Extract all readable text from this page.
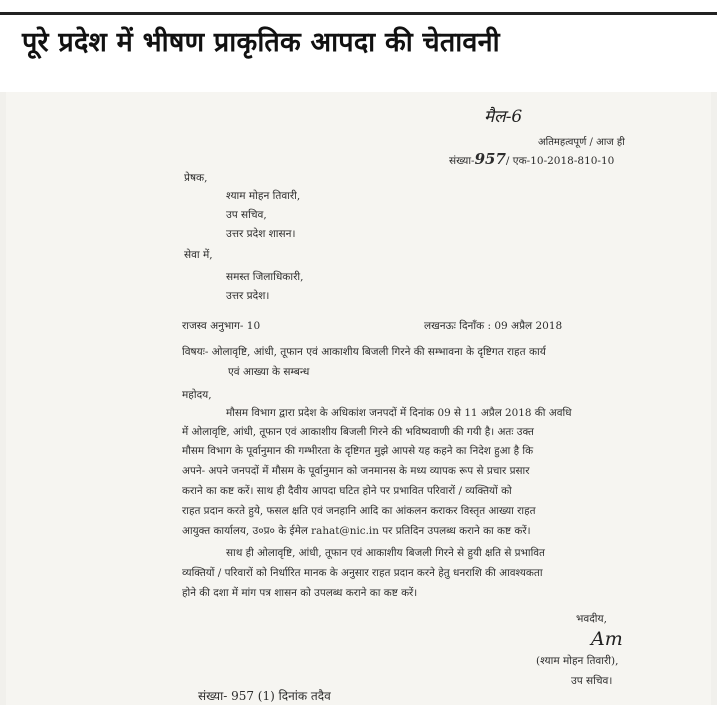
पूरे प्रदेश में भीषण प्राकृतिक आपदा की चेतावनी
मैल-6
अतिमहत्वपूर्ण / आज ही
संख्या-957/ एक-10-2018-810-10
प्रेषक,
श्याम मोहन तिवारी,
उप सचिव,
उत्तर प्रदेश शासन।
सेवा में,
समस्त जिलाधिकारी,
उत्तर प्रदेश।
राजस्व अनुभाग- 10	लखनऊः दिनाँक : 09 अप्रैल 2018
विषयः- ओलावृष्टि, आंधी, तूफान एवं आकाशीय बिजली गिरने की सम्भावना के दृष्टिगत राहत कार्य
एवं आख्या के सम्बन्ध
महोदय,
मौसम विभाग द्वारा प्रदेश के अधिकांश जनपदों में दिनांक 09 से 11 अप्रैल 2018 की अवधि
में ओलावृष्टि, आंधी, तूफान एवं आकाशीय बिजली गिरने की भविष्यवाणी की गयी है। अतः उक्त
मौसम विभाग के पूर्वानुमान की गम्भीरता के दृष्टिगत मुझे आपसे यह कहने का निदेश हुआ है कि
अपने- अपने जनपदों में मौसम के पूर्वानुमान को जनमानस के मध्य व्यापक रूप से प्रचार प्रसार
कराने का कष्ट करें। साथ ही दैवीय आपदा घटित होने पर प्रभावित परिवारों / व्यक्तियों को
राहत प्रदान करते हुये, फसल क्षति एवं जनहानि आदि का आंकलन कराकर विस्तृत आख्या राहत
आयुक्त कार्यालय, उ०प्र० के ईमेल rahat@nic.in पर प्रतिदिन उपलब्ध कराने का कष्ट करें।
साथ ही ओलावृष्टि, आंधी, तूफान एवं आकाशीय बिजली गिरने से हुयी क्षति से प्रभावित
व्यक्तियों / परिवारों को निर्धारित मानक के अनुसार राहत प्रदान करने हेतु धनराशि की आवश्यकता
होने की दशा में मांग पत्र शासन को उपलब्ध कराने का कष्ट करें।
भवदीय,
Am
(श्याम मोहन तिवारी),
उप सचिव।
संख्या- 957 (1) दिनांक तदैव
